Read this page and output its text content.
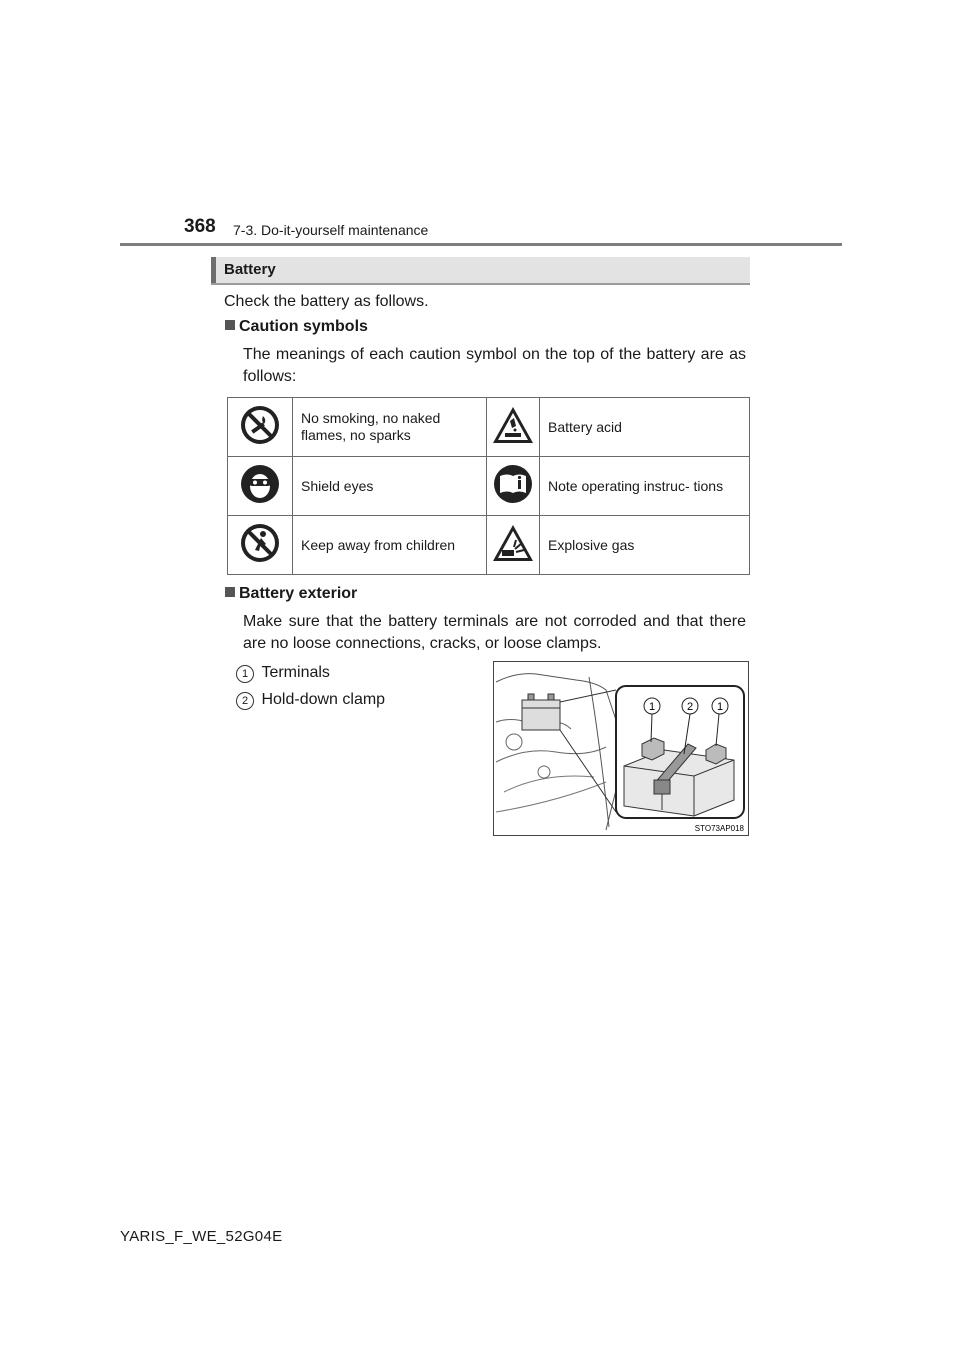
368 7-3. Do-it-yourself maintenance
Battery
Check the battery as follows.
Caution symbols
The meanings of each caution symbol on the top of the battery are as follows:
	No smoking, no naked flames, no sparks		Battery acid
	Shield eyes		Note operating instruc- tions
	Keep away from children		Explosive gas
Battery exterior
Make sure that the battery terminals are not corroded and that there are no loose connections, cracks, or loose clamps.
1 Terminals
2 Hold-down clamp	1	2 1
STO73AP018
YARIS_F_WE_52G04E
